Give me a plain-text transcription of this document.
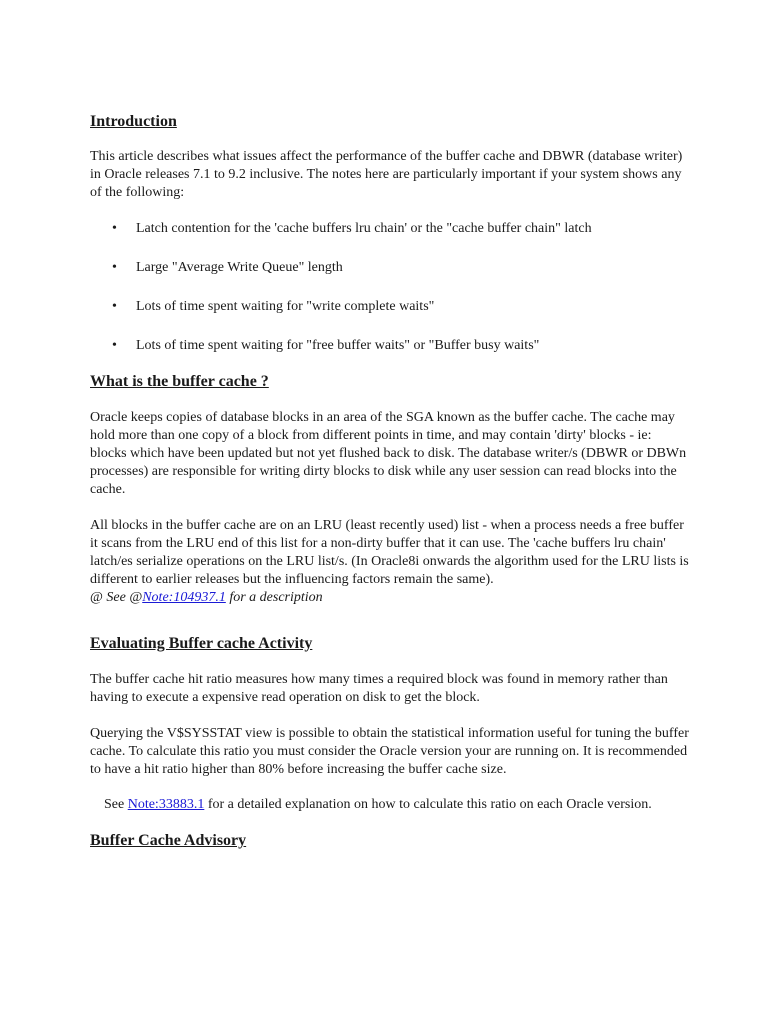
Introduction

This article describes what issues affect the performance of the buffer cache and DBWR (database writer) in Oracle releases 7.1 to 9.2 inclusive. The notes here are particularly important if your system shows any of the following:

• Latch contention for the 'cache buffers lru chain' or the "cache buffer chain" latch
• Large "Average Write Queue" length
• Lots of time spent waiting for "write complete waits"
• Lots of time spent waiting for "free buffer waits" or "Buffer busy waits"
What is the buffer cache ?

Oracle keeps copies of database blocks in an area of the SGA known as the buffer cache. The cache may hold more than one copy of a block from different points in time, and may contain 'dirty' blocks - ie: blocks which have been updated but not yet flushed back to disk. The database writer/s (DBWR or DBWn processes) are responsible for writing dirty blocks to disk while any user session can read blocks into the cache.

All blocks in the buffer cache are on an LRU (least recently used) list - when a process needs a free buffer it scans from the LRU end of this list for a non-dirty buffer that it can use. The 'cache buffers lru chain' latch/es serialize operations on the LRU list/s. (In Oracle8i onwards the algorithm used for the LRU lists is different to earlier releases but the influencing factors remain the same).

@ See @Note:104937.1 for a description

Evaluating Buffer cache Activity

The buffer cache hit ratio measures how many times a required block was found in memory rather than having to execute a expensive read operation on disk to get the block.

Querying the V$SYSSTAT view is possible to obtain the statistical information useful for tuning the buffer cache. To calculate this ratio you must consider the Oracle version your are running on. It is recommended to have a hit ratio higher than 80% before increasing the buffer cache size.

See Note:33883.1 for a detailed explanation on how to calculate this ratio on each Oracle version.

Buffer Cache Advisory
